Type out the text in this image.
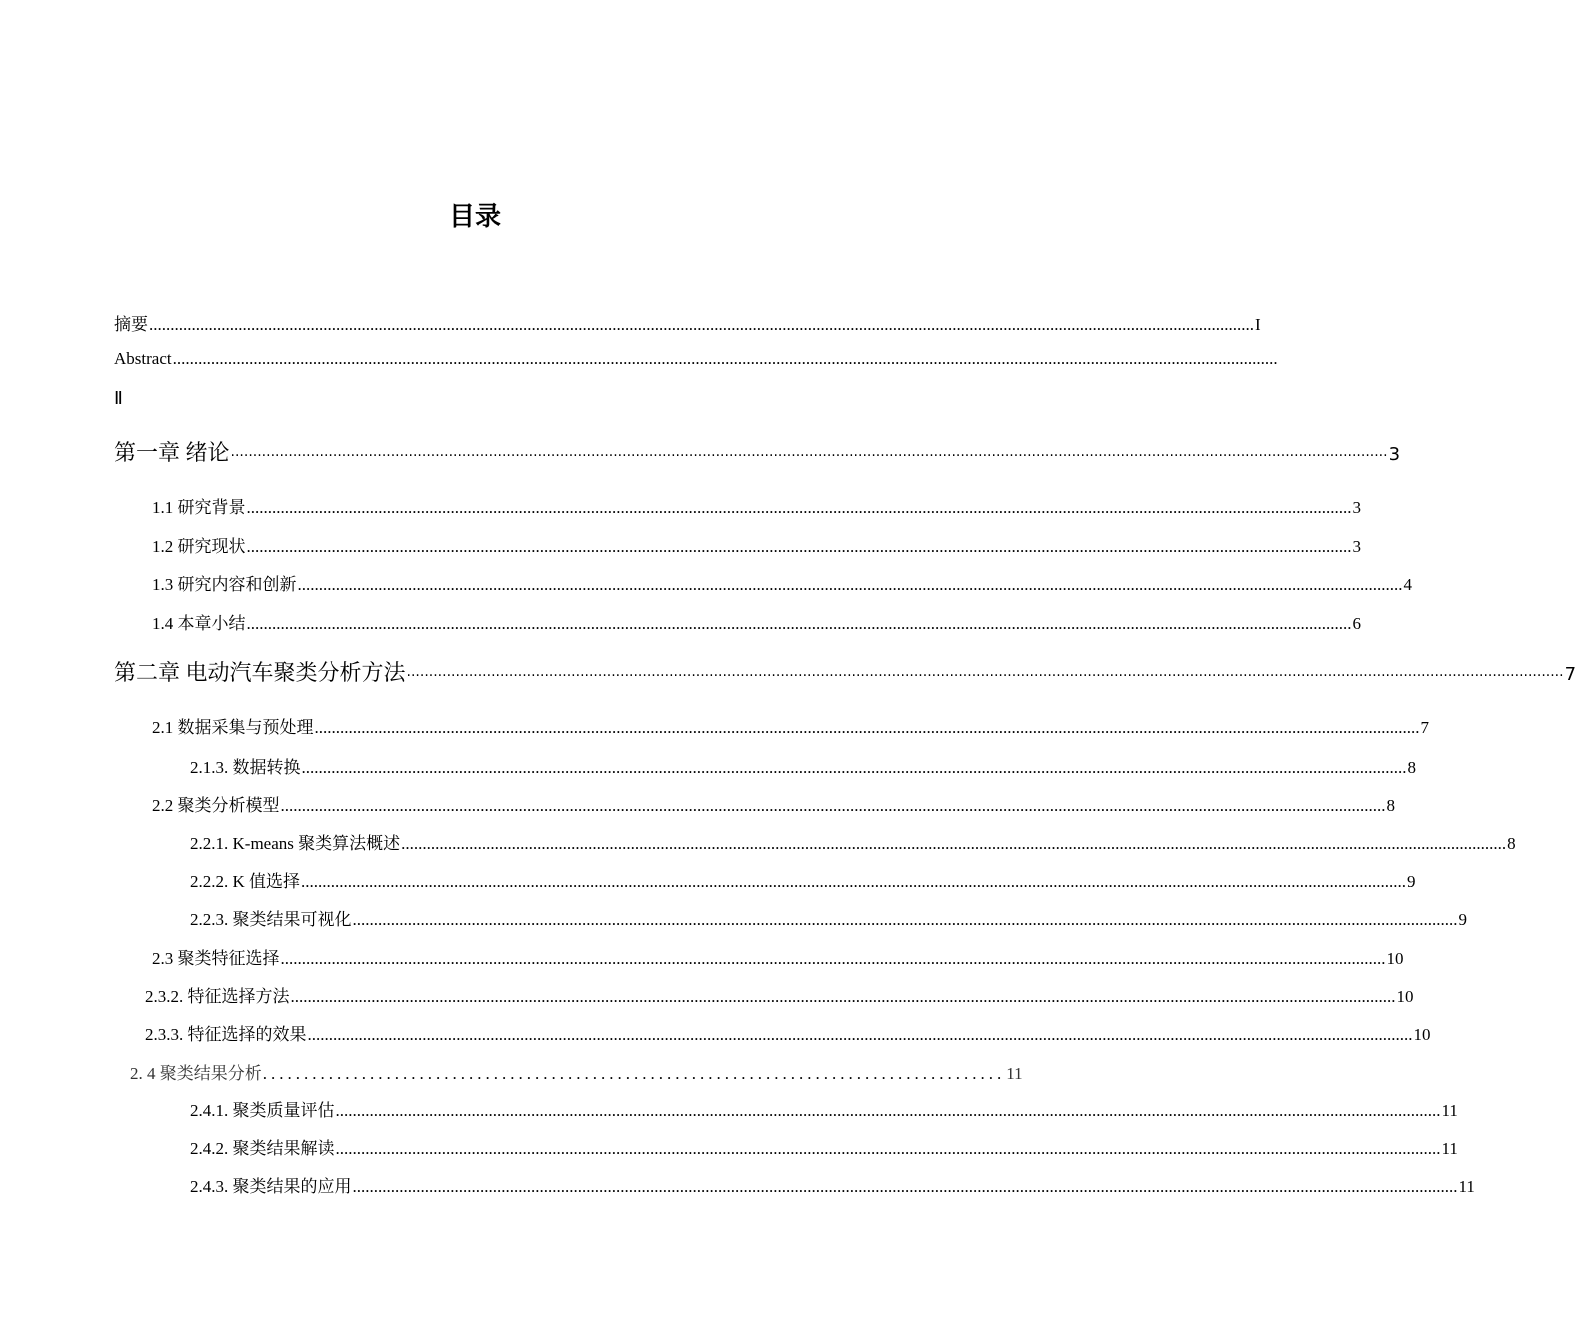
目录
摘要 .................................................................................................................................................................................................................................................................... I
Abstract ....................................................................................................................................................................................................................................................................
Ⅱ
第一章 绪论 ···································································································································································································································································· 3
1.1 研究背景 .................................................................................................................................................................................................................................................................... 3
1.2 研究现状 .................................................................................................................................................................................................................................................................... 3
1.3 研究内容和创新 .................................................................................................................................................................................................................................................................... 4
1.4 本章小结 .................................................................................................................................................................................................................................................................... 6
第二章 电动汽车聚类分析方法 ···································································································································································································································································· 7
2.1 数据采集与预处理 .................................................................................................................................................................................................................................................................... 7
2.1.3. 数据转换 .................................................................................................................................................................................................................................................................... 8
2.2 聚类分析模型 .................................................................................................................................................................................................................................................................... 8
2.2.1. K-means 聚类算法概述 .................................................................................................................................................................................................................................................................... 8
2.2.2. K 值选择 .................................................................................................................................................................................................................................................................... 9
2.2.3. 聚类结果可视化 .................................................................................................................................................................................................................................................................... 9
2.3 聚类特征选择 .................................................................................................................................................................................................................................................................... 10
2.3.2. 特征选择方法 .................................................................................................................................................................................................................................................................... 10
2.3.3. 特征选择的效果 .................................................................................................................................................................................................................................................................... 10
2. 4 聚类结果分析 .......................................................................................... 11
2.4.1. 聚类质量评估 .................................................................................................................................................................................................................................................................... 11
2.4.2. 聚类结果解读 .................................................................................................................................................................................................................................................................... 11
2.4.3. 聚类结果的应用 .................................................................................................................................................................................................................................................................... 11
